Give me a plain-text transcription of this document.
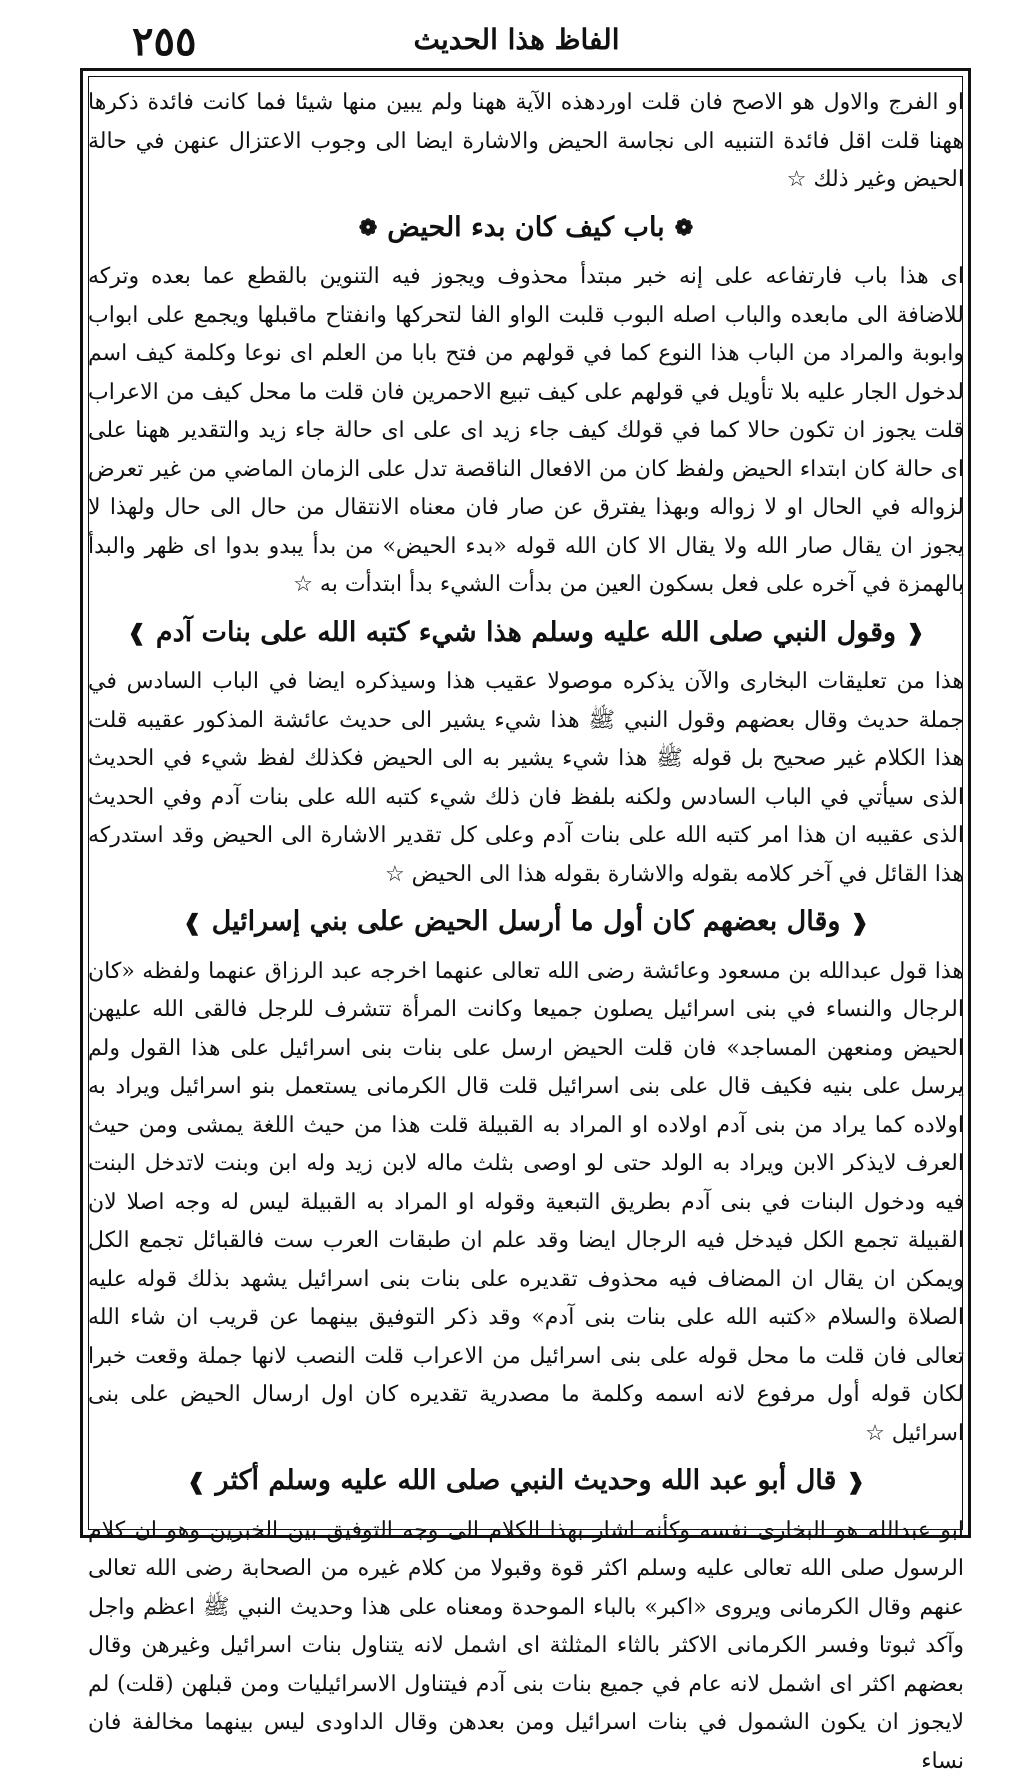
٢٥٥	الفاظ هذا الحديث

او الفرج والاول هو الاصح فان قلت اوردهذه الآية ههنا ولم يبين منها شيئا فما كانت فائدة ذكرها ههنا قلت اقل فائدة التنبيه الى نجاسة الحيض والاشارة ايضا الى وجوب الاعتزال عنهن في حالة الحيض وغير ذلك ☆

❁باب كيف كان بدء الحيض❁

اى هذا باب فارتفاعه على إنه خبر مبتدأ محذوف ويجوز فيه التنوين بالقطع عما بعده وتركه للاضافة الى مابعده والباب اصله البوب قلبت الواو الفا لتحركها وانفتاح ماقبلها ويجمع على ابواب وابوبة والمراد من الباب هذا النوع كما في قولهم من فتح بابا من العلم اى نوعا وكلمة كيف اسم لدخول الجار عليه بلا تأويل في قولهم على كيف تبيع الاحمرين فان قلت ما محل كيف من الاعراب قلت يجوز ان تكون حالا كما في قولك كيف جاء زيد اى على اى حالة جاء زيد والتقدير ههنا على اى حالة كان ابتداء الحيض ولفظ كان من الافعال الناقصة تدل على الزمان الماضي من غير تعرض لزواله في الحال او لا زواله وبهذا يفترق عن صار فان معناه الانتقال من حال الى حال ولهذا لا يجوز ان يقال صار الله ولا يقال الا كان الله قوله «بدء الحيض» من بدأ يبدو بدوا اى ظهر والبدأ بالهمزة في آخره على فعل بسكون العين من بدأت الشيء بدأ ابتدأت به ☆

❰وقول النبي صلى الله عليه وسلم هذا شيء كتبه الله على بنات آدم❱

هذا من تعليقات البخارى والآن يذكره موصولا عقيب هذا وسيذكره ايضا في الباب السادس في جملة حديث وقال بعضهم وقول النبي ﷺ هذا شيء يشير الى حديث عائشة المذكور عقيبه قلت هذا الكلام غير صحيح بل قوله ﷺ هذا شيء يشير به الى الحيض فكذلك لفظ شيء في الحديث الذى سيأتي في الباب السادس ولكنه بلفظ فان ذلك شيء كتبه الله على بنات آدم وفي الحديث الذى عقيبه ان هذا امر كتبه الله على بنات آدم وعلى كل تقدير الاشارة الى الحيض وقد استدركه هذا القائل في آخر كلامه بقوله والاشارة بقوله هذا الى الحيض ☆

❰وقال بعضهم كان أول ما أرسل الحيض على بني إسرائيل❱

هذا قول عبدالله بن مسعود وعائشة رضى الله تعالى عنهما اخرجه عبد الرزاق عنهما ولفظه «كان الرجال والنساء في بنى اسرائيل يصلون جميعا وكانت المرأة تتشرف للرجل فالقى الله عليهن الحيض ومنعهن المساجد» فان قلت الحيض ارسل على بنات بنى اسرائيل على هذا القول ولم يرسل على بنيه فكيف قال على بنى اسرائيل قلت قال الكرمانى يستعمل بنو اسرائيل ويراد به اولاده كما يراد من بنى آدم اولاده او المراد به القبيلة قلت هذا من حيث اللغة يمشى ومن حيث العرف لايذكر الابن ويراد به الولد حتى لو اوصى بثلث ماله لابن زيد وله ابن وبنت لاتدخل البنت فيه ودخول البنات في بنى آدم بطريق التبعية وقوله او المراد به القبيلة ليس له وجه اصلا لان القبيلة تجمع الكل فيدخل فيه الرجال ايضا وقد علم ان طبقات العرب ست فالقبائل تجمع الكل ويمكن ان يقال ان المضاف فيه محذوف تقديره على بنات بنى اسرائيل يشهد بذلك قوله عليه الصلاة والسلام «كتبه الله على بنات بنى آدم» وقد ذكر التوفيق بينهما عن قريب ان شاء الله تعالى فان قلت ما محل قوله على بنى اسرائيل من الاعراب قلت النصب لانها جملة وقعت خبرا لكان قوله أول مرفوع لانه اسمه وكلمة ما مصدرية تقديره كان اول ارسال الحيض على بنى اسرائيل ☆

❰قال أبو عبد الله وحديث النبي صلى الله عليه وسلم أكثر❱

ابو عبدالله هو البخارى نفسه وكأنه اشار بهذا الكلام الى وجه التوفيق بين الخبرين وهو ان كلام الرسول صلى الله تعالى عليه وسلم اكثر قوة وقبولا من كلام غيره من الصحابة رضى الله تعالى عنهم وقال الكرمانى ويروى «اكبر» بالباء الموحدة ومعناه على هذا وحديث النبي ﷺ اعظم واجل وآكد ثبوتا وفسر الكرمانى الاكثر بالثاء المثلثة اى اشمل لانه يتناول بنات اسرائيل وغيرهن وقال بعضهم اكثر اى اشمل لانه عام في جميع بنات بنى آدم فيتناول الاسرائيليات ومن قبلهن (قلت) لم لايجوز ان يكون الشمول في بنات اسرائيل ومن بعدهن وقال الداودى ليس بينهما مخالفة فان نساء
